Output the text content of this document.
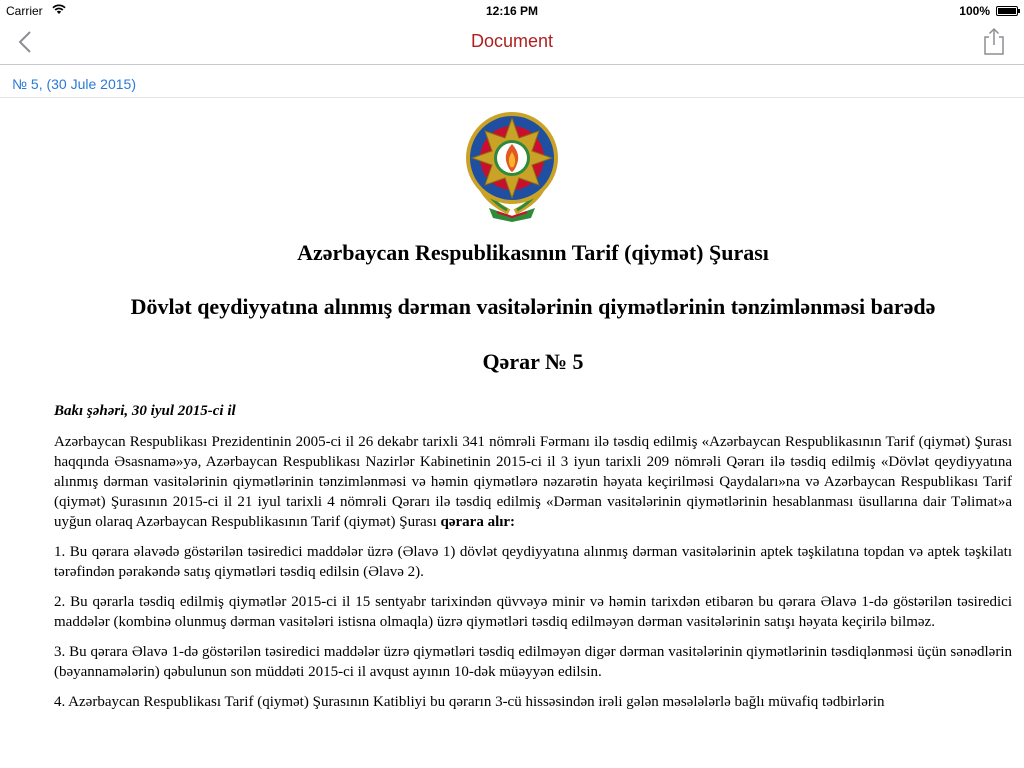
Carrier	12:16 PM	100%
Document
№ 5, (30 Jule 2015)
Azərbaycan Respublikasının Tarif (qiymət) Şurası
Dövlət qeydiyyatına alınmış dərman vasitələrinin qiymətlərinin tənzimlənməsi barədə
Qərar № 5
Bakı şəhəri, 30 iyul 2015-ci il

Azərbaycan Respublikası Prezidentinin 2005-ci il 26 dekabr tarixli 341 nömrəli Fərmanı ilə təsdiq edilmiş «Azərbaycan Respublikasının Tarif (qiymət) Şurası haqqında Əsasnamə»yə, Azərbaycan Respublikası Nazirlər Kabinetinin 2015-ci il 3 iyun tarixli 209 nömrəli Qərarı ilə təsdiq edilmiş «Dövlət qeydiyyatına alınmış dərman vasitələrinin qiymətlərinin tənzimlənməsi və həmin qiymətlərə nəzarətin həyata keçirilməsi Qaydaları»na və Azərbaycan Respublikası Tarif (qiymət) Şurasının 2015-ci il 21 iyul tarixli 4 nömrəli Qərarı ilə təsdiq edilmiş «Dərman vasitələrinin qiymətlərinin hesablanması üsullarına dair Təlimat»a uyğun olaraq Azərbaycan Respublikasının Tarif (qiymət) Şurası qərara alır:

1. Bu qərara əlavədə göstərilən təsiredici maddələr üzrə (Əlavə 1) dövlət qeydiyyatına alınmış dərman vasitələrinin aptek təşkilatına topdan və aptek təşkilatı tərəfindən pərakəndə satış qiymətləri təsdiq edilsin (Əlavə 2).

2. Bu qərarla təsdiq edilmiş qiymətlər 2015-ci il 15 sentyabr tarixindən qüvvəyə minir və həmin tarixdən etibarən bu qərara Əlavə 1-də göstərilən təsiredici maddələr (kombinə olunmuş dərman vasitələri istisna olmaqla) üzrə qiymətləri təsdiq edilməyən dərman vasitələrinin satışı həyata keçirilə bilməz.

3. Bu qərara Əlavə 1-də göstərilən təsiredici maddələr üzrə qiymətləri təsdiq edilməyən digər dərman vasitələrinin qiymətlərinin təsdiqlənməsi üçün sənədlərin (bəyannamələrin) qəbulunun son müddəti 2015-ci il avqust ayının 10-dək müəyyən edilsin.

4. Azərbaycan Respublikası Tarif (qiymət) Şurasının Katibliyi bu qərarın 3-cü hissəsindən irəli gələn məsələlərlə bağlı müvafiq tədbirlərin
